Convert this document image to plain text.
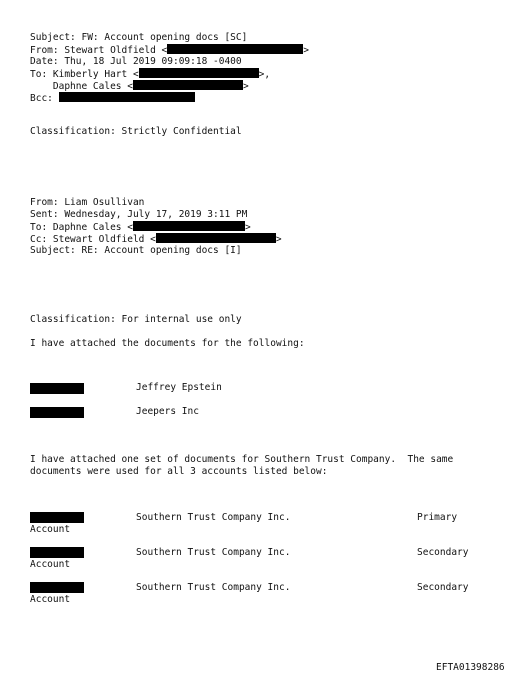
Subject: FW: Account opening docs [SC]
From: Stewart Oldfield <	>
Date: Thu, 18 Jul 2019 09:09:18 -0400
To: Kimberly Hart <	>,
Daphne Cales <	>
Bcc:
Classification: Strictly Confidential
From: Liam Osullivan
Sent: Wednesday, July 17, 2019 3:11 PM
To: Daphne Cales <	>
Cc: Stewart Oldfield <	>
Subject: RE: Account opening docs [I]
Classification: For internal use only
I have attached the documents for the following:
Jeffrey Epstein
Jeepers Inc
I have attached one set of documents for Southern Trust Company.  The same
documents were used for all 3 accounts listed below:
Southern Trust Company Inc.	Primary
Account
Southern Trust Company Inc.	Secondary
Account
Southern Trust Company Inc.	Secondary
Account
EFTA01398286
